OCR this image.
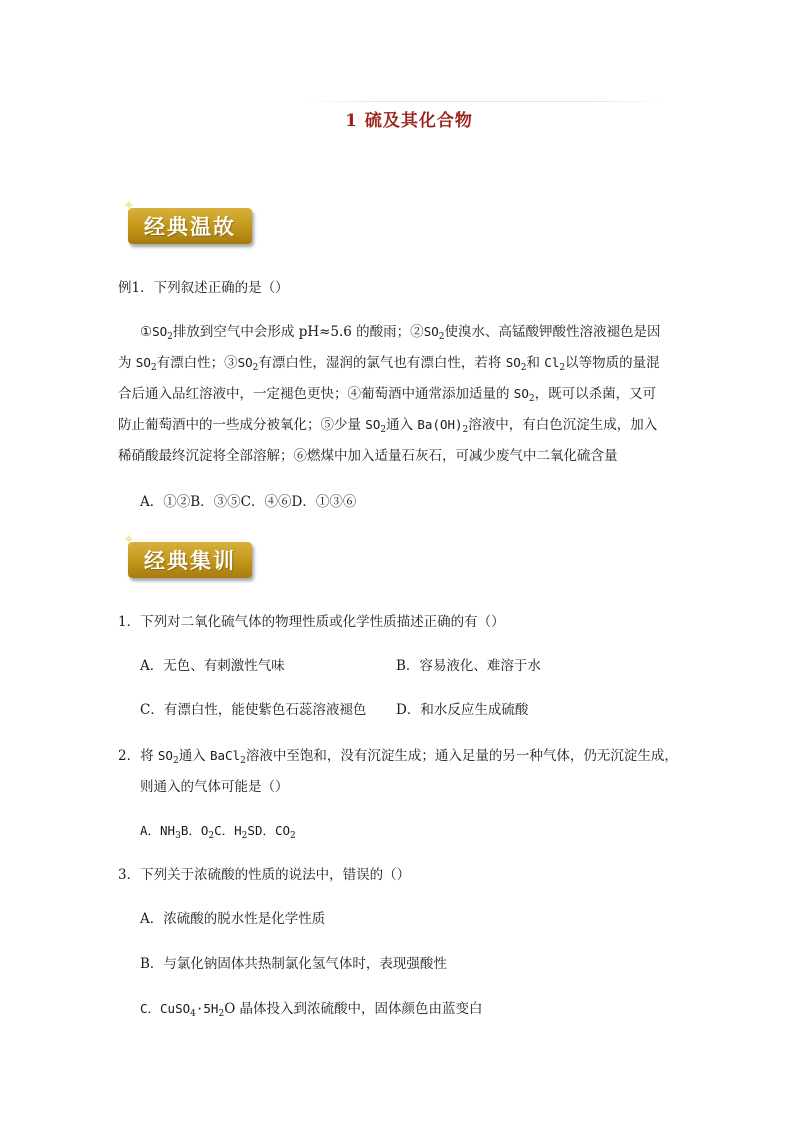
1 硫及其化合物
✦
经典温故
例1．下列叙述正确的是（）
$①SO_2$排放到空气中会形成 pH≈5.6 的酸雨；$②SO_2$使溴水、高锰酸钾酸性溶液褪色是因
为 $SO_2$有漂白性；$③SO_2$有漂白性，湿润的氯气也有漂白性，若将 $SO_2$和 $Cl_2$以等物质的量混
合后通入品红溶液中，一定褪色更快；④葡萄酒中通常添加适量的 $SO_2$，既可以杀菌，又可
防止葡萄酒中的一些成分被氧化；⑤少量 $SO_2$通入 $Ba(OH)_2$溶液中，有白色沉淀生成，加入
稀硝酸最终沉淀将全部溶解；⑥燃煤中加入适量石灰石，可减少废气中二氧化硫含量
A．①②B．③⑤C．④⑥D．①③⑥
✦
经典集训
1．下列对二氧化硫气体的物理性质或化学性质描述正确的有（）
A．无色、有刺激性气味	B．容易液化、难溶于水
C．有漂白性，能使紫色石蕊溶液褪色 D．和水反应生成硫酸
2．将 $SO_2$通入 BaCl$_2$溶液中至饱和，没有沉淀生成；通入足量的另一种气体，仍无沉淀生成，
则通入的气体可能是（）
A．$NH_3B$．$O_2C$．$H_2SD$．$CO_2$
3．下列关于浓硫酸的性质的说法中，错误的（）
A．浓硫酸的脱水性是化学性质
B．与氯化钠固体共热制氯化氢气体时，表现强酸性
C．$CuSO_4\cdot 5H_2O$ 晶体投入到浓硫酸中，固体颜色由蓝变白
